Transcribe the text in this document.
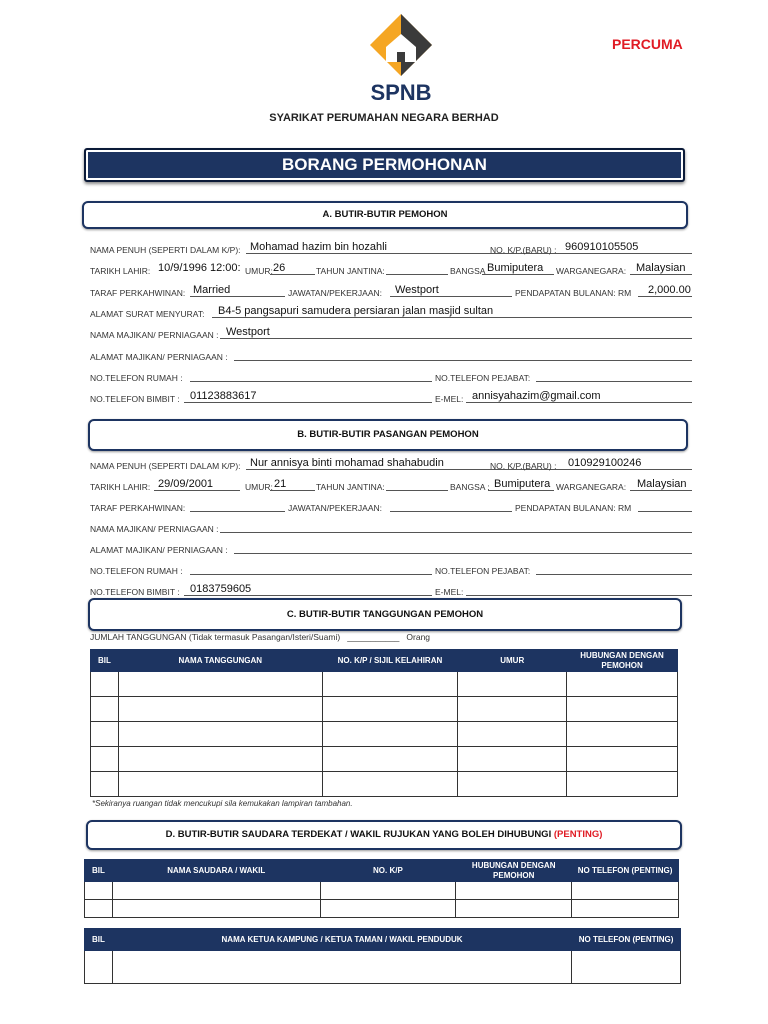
SPNB
PERCUMA
SYARIKAT PERUMAHAN NEGARA BERHAD
BORANG PERMOHONAN
A. BUTIR-BUTIR PEMOHON
NAMA PENUH (SEPERTI DALAM K/P): Mohamad hazim bin hozahli	NO. K/P.(BARU) : 960910105505
TARIKH LAHIR: 10/9/1996 12:00: UMUR: 26	TAHUN JANTINA:	BANGSA Bumiputera WARGANEGARA: Malaysian
TARAF PERKAHWINAN: Married	JAWATAN/PEKERJAAN: Westport	PENDAPATAN BULANAN: RM 2,000.00
ALAMAT SURAT MENYURAT: B4-5 pangsapuri samudera persiaran jalan masjid sultan
NAMA MAJIKAN/ PERNIAGAAN : Westport
ALAMAT MAJIKAN/ PERNIAGAAN :
NO.TELEFON RUMAH :	NO.TELEFON PEJABAT:
NO.TELEFON BIMBIT : 01123883617	E-MEL: annisyahazim@gmail.com
B. BUTIR-BUTIR PASANGAN PEMOHON
NAMA PENUH (SEPERTI DALAM K/P): Nur annisya binti mohamad shahabudin	NO. K/P.(BARU) : 010929100246
TARIKH LAHIR: 29/09/2001	UMUR: 21	TAHUN JANTINA:	BANGSA : Bumiputera WARGANEGARA: Malaysian
TARAF PERKAHWINAN:	JAWATAN/PEKERJAAN:	PENDAPATAN BULANAN: RM
NAMA MAJIKAN/ PERNIAGAAN :
ALAMAT MAJIKAN/ PERNIAGAAN :
NO.TELEFON RUMAH :	NO.TELEFON PEJABAT:
NO.TELEFON BIMBIT : 0183759605	E-MEL:
C. BUTIR-BUTIR TANGGUNGAN PEMOHON
JUMLAH TANGGUNGAN (Tidak termasuk Pasangan/Isteri/Suami) ___________ Orang
BIL	NAMA TANGGUNGAN	NO. K/P / SIJIL KELAHIRAN	UMUR	HUBUNGAN DENGAN PEMOHON

*Sekiranya ruangan tidak mencukupi sila kemukakan lampiran tambahan.
D. BUTIR-BUTIR SAUDARA TERDEKAT / WAKIL RUJUKAN YANG BOLEH DIHUBUNGI (PENTING)
BIL	NAMA SAUDARA / WAKIL	NO. K/P	HUBUNGAN DENGAN PEMOHON	NO TELEFON (PENTING)

BIL	NAMA KETUA KAMPUNG / KETUA TAMAN / WAKIL PENDUDUK	NO TELEFON (PENTING)
